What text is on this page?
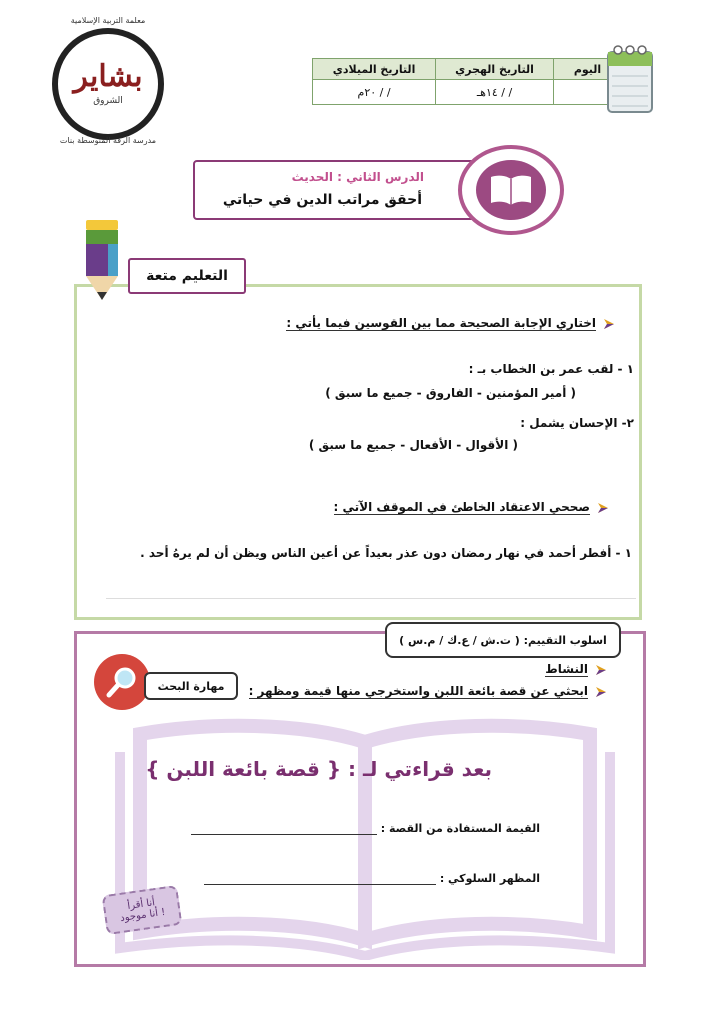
معلمة التربية الإسلامية
بشاير
الشروق
مدرسة الرقة المتوسطة بنات
اليوم	التاريخ الهجري	التاريخ الميلادي
	/ / ١٤هـ	/ / ٢٠م
الدرس الثاني : الحديث
أحقق مراتب الدين في حياتي
التعليم متعة
اختاري الإجابة الصحيحة مما بين القوسين فيما يأتي :
١ - لقب عمر بن الخطاب بـ :
( أمير المؤمنين - الفاروق - جميع ما سبق )
٢- الإحسان يشمل :
( الأقوال - الأفعال - جميع ما سبق )
صححي الاعتقاد الخاطئ في الموقف الآتي :
١ - أفطر أحمد في نهار رمضان دون عذر بعيداً عن أعين الناس ويظن أن لم يرهُ أحد .
اسلوب التقييم: ( ت.ش / ع.ك / م.س )
مهارة البحث
النشاط
ابحثي عن قصة بائعة اللبن واستخرجي منها قيمة ومظهر :
بعد قراءتي لـ : { قصة بائعة اللبن }
القيمة المستفادة من القصة :
المظهر السلوكي :
أنا أقرأ
أنا موجود !
